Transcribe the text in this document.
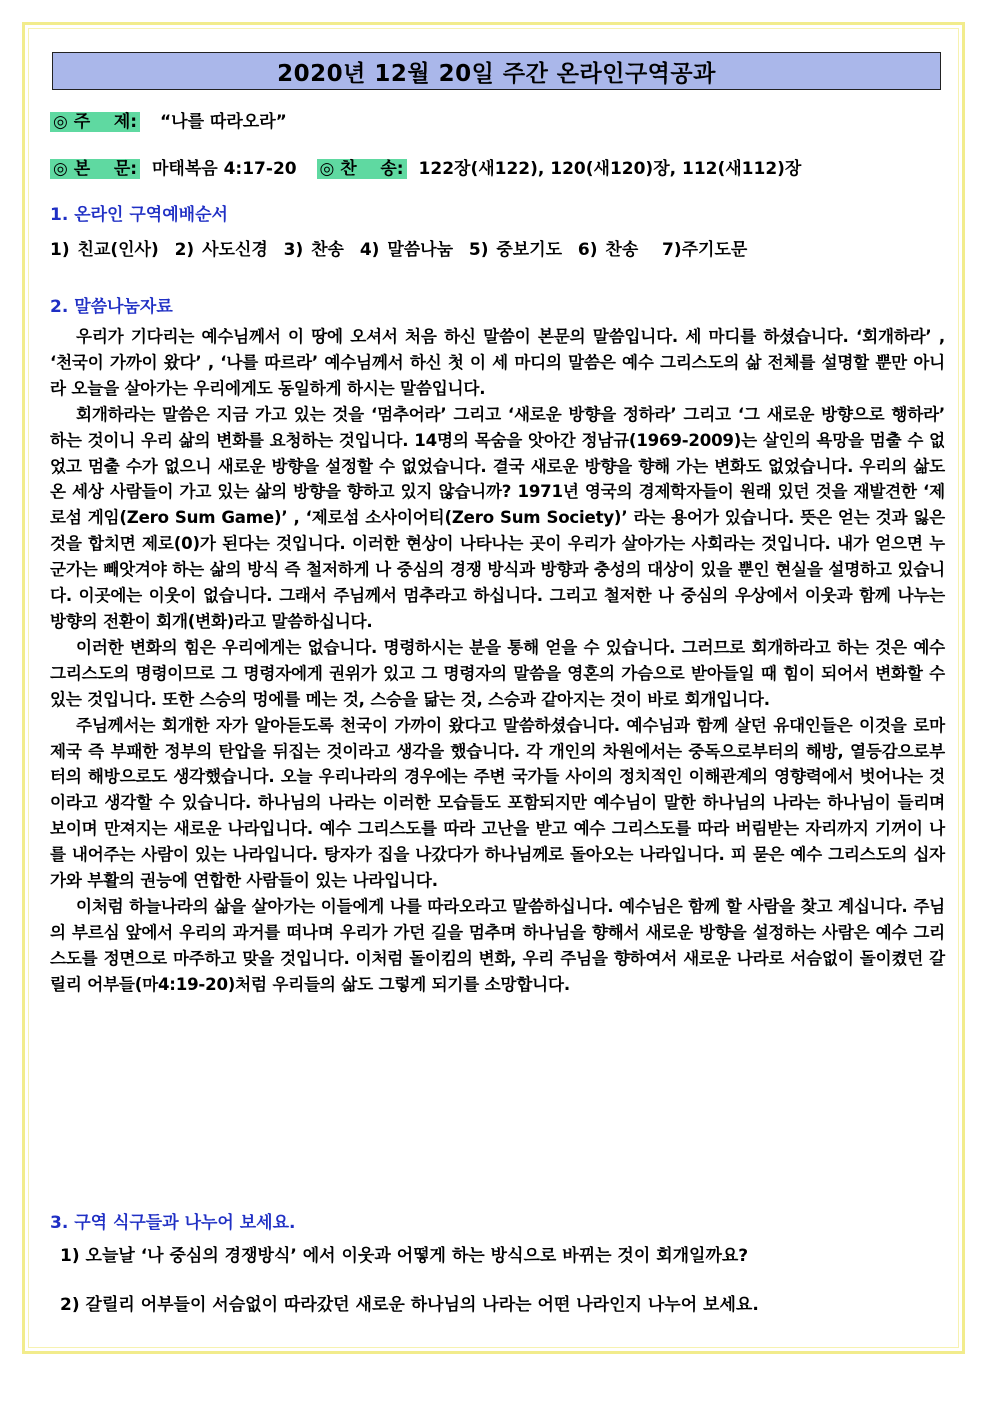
2020년 12월 20일 주간 온라인구역공과
◎ 주    제: “나를 따라오라”
◎ 본    문: 마태복음 4:17-20 ◎ 찬    송: 122장(새122), 120(새120)장, 112(새112)장
1. 온라인 구역예배순서
1) 친교(인사)  2) 사도신경  3) 찬송  4) 말씀나눔  5) 중보기도  6) 찬송   7)주기도문
2. 말씀나눔자료

우리가 기다리는 예수님께서 이 땅에 오셔서 처음 하신 말씀이 본문의 말씀입니다. 세 마디를 하셨습니다. ‘회개하라’ , ‘천국이 가까이 왔다’ , ‘나를 따르라’ 예수님께서 하신 첫 이 세 마디의 말씀은 예수 그리스도의 삶 전체를 설명할 뿐만 아니라 오늘을 살아가는 우리에게도 동일하게 하시는 말씀입니다.

회개하라는 말씀은 지금 가고 있는 것을 ‘멈추어라’ 그리고 ‘새로운 방향을 정하라’ 그리고 ‘그 새로운 방향으로 행하라’ 하는 것이니 우리 삶의 변화를 요청하는 것입니다. 14명의 목숨을 앗아간 정남규(1969-2009)는 살인의 욕망을 멈출 수 없었고 멈출 수가 없으니 새로운 방향을 설정할 수 없었습니다. 결국 새로운 방향을 향해 가는 변화도 없었습니다. 우리의 삶도 온 세상 사람들이 가고 있는 삶의 방향을 향하고 있지 않습니까? 1971년 영국의 경제학자들이 원래 있던 것을 재발견한 ‘제로섬 게임(Zero Sum Game)’ , ‘제로섬 소사이어티(Zero Sum Society)’ 라는 용어가 있습니다. 뜻은 얻는 것과 잃은 것을 합치면 제로(0)가 된다는 것입니다. 이러한 현상이 나타나는 곳이 우리가 살아가는 사회라는 것입니다. 내가 얻으면 누군가는 빼앗겨야 하는 삶의 방식 즉 철저하게 나 중심의 경쟁 방식과 방향과 충성의 대상이 있을 뿐인 현실을 설명하고 있습니다. 이곳에는 이웃이 없습니다. 그래서 주님께서 멈추라고 하십니다. 그리고 철저한 나 중심의 우상에서 이웃과 함께 나누는 방향의 전환이 회개(변화)라고 말씀하십니다.

이러한 변화의 힘은 우리에게는 없습니다. 명령하시는 분을 통해 얻을 수 있습니다. 그러므로 회개하라고 하는 것은 예수 그리스도의 명령이므로 그 명령자에게 권위가 있고 그 명령자의 말씀을 영혼의 가슴으로 받아들일 때 힘이 되어서 변화할 수 있는 것입니다. 또한 스승의 멍에를 메는 것, 스승을 닮는 것, 스승과 같아지는 것이 바로 회개입니다.

주님께서는 회개한 자가 알아듣도록 천국이 가까이 왔다고 말씀하셨습니다. 예수님과 함께 살던 유대인들은 이것을 로마제국 즉 부패한 정부의 탄압을 뒤집는 것이라고 생각을 했습니다. 각 개인의 차원에서는 중독으로부터의 해방, 열등감으로부터의 해방으로도 생각했습니다. 오늘 우리나라의 경우에는 주변 국가들 사이의 정치적인 이해관계의 영향력에서 벗어나는 것이라고 생각할 수 있습니다. 하나님의 나라는 이러한 모습들도 포함되지만 예수님이 말한 하나님의 나라는 하나님이 들리며 보이며 만져지는 새로운 나라입니다. 예수 그리스도를 따라 고난을 받고 예수 그리스도를 따라 버림받는 자리까지 기꺼이 나를 내어주는 사람이 있는 나라입니다. 탕자가 집을 나갔다가 하나님께로 돌아오는 나라입니다. 피 묻은 예수 그리스도의 십자가와 부활의 권능에 연합한 사람들이 있는 나라입니다.

이처럼 하늘나라의 삶을 살아가는 이들에게 나를 따라오라고 말씀하십니다. 예수님은 함께 할 사람을 찾고 계십니다. 주님의 부르심 앞에서 우리의 과거를 떠나며 우리가 가던 길을 멈추며 하나님을 향해서 새로운 방향을 설정하는 사람은 예수 그리스도를 정면으로 마주하고 맞을 것입니다. 이처럼 돌이킴의 변화, 우리 주님을 향하여서 새로운 나라로 서슴없이 돌이켰던 갈릴리 어부들(마4:19-20)처럼 우리들의 삶도 그렇게 되기를 소망합니다.

3. 구역 식구들과 나누어 보세요.
1) 오늘날 ‘나 중심의 경쟁방식’ 에서 이웃과 어떻게 하는 방식으로 바뀌는 것이 회개일까요?
2) 갈릴리 어부들이 서슴없이 따라갔던 새로운 하나님의 나라는 어떤 나라인지 나누어 보세요.
